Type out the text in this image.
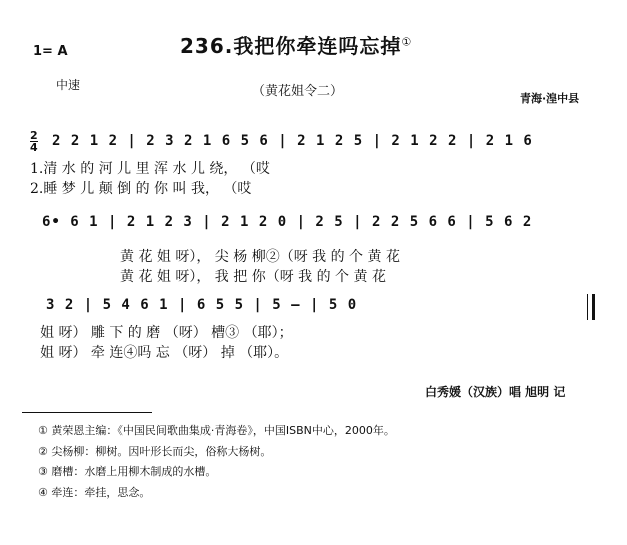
236.我把你牵连吗忘掉①
1= A
中速	（黄花姐令二）	青海·湟中县
2
4 2 2 1 2 | 2 3 2 1 6 5 6 | 2 1 2 5 | 2 1 2 2 | 2 1 6
1.清 水 的 河 儿 里 浑 水 儿 绕， （哎
2.睡 梦 儿 颠 倒 的 你 叫 我， （哎
6• 6 1 | 2 1 2 3 | 2 1 2 0 | 2 5 | 2 2 5 6 6 | 5 6 2
黄 花 姐 呀）， 尖 杨 柳②（呀 我 的 个 黄 花
黄 花 姐 呀）， 我 把 你（呀 我 的 个 黄 花
3 2 | 5 4 6 1 | 6 5 5 | 5 — | 5 0
姐 呀） 雕 下 的 磨 （呀） 槽③ （耶）；
姐 呀） 牵 连④吗 忘 （呀） 掉 （耶）。
白秀媛（汉族）唱 旭明 记
① 黄荣恩主编：《中国民间歌曲集成·青海卷》，中国ISBN中心，2000年。
② 尖杨柳：柳树。因叶形长而尖，俗称大杨树。
③ 磨槽：水磨上用柳木制成的水槽。
④ 牵连：牵挂，思念。
